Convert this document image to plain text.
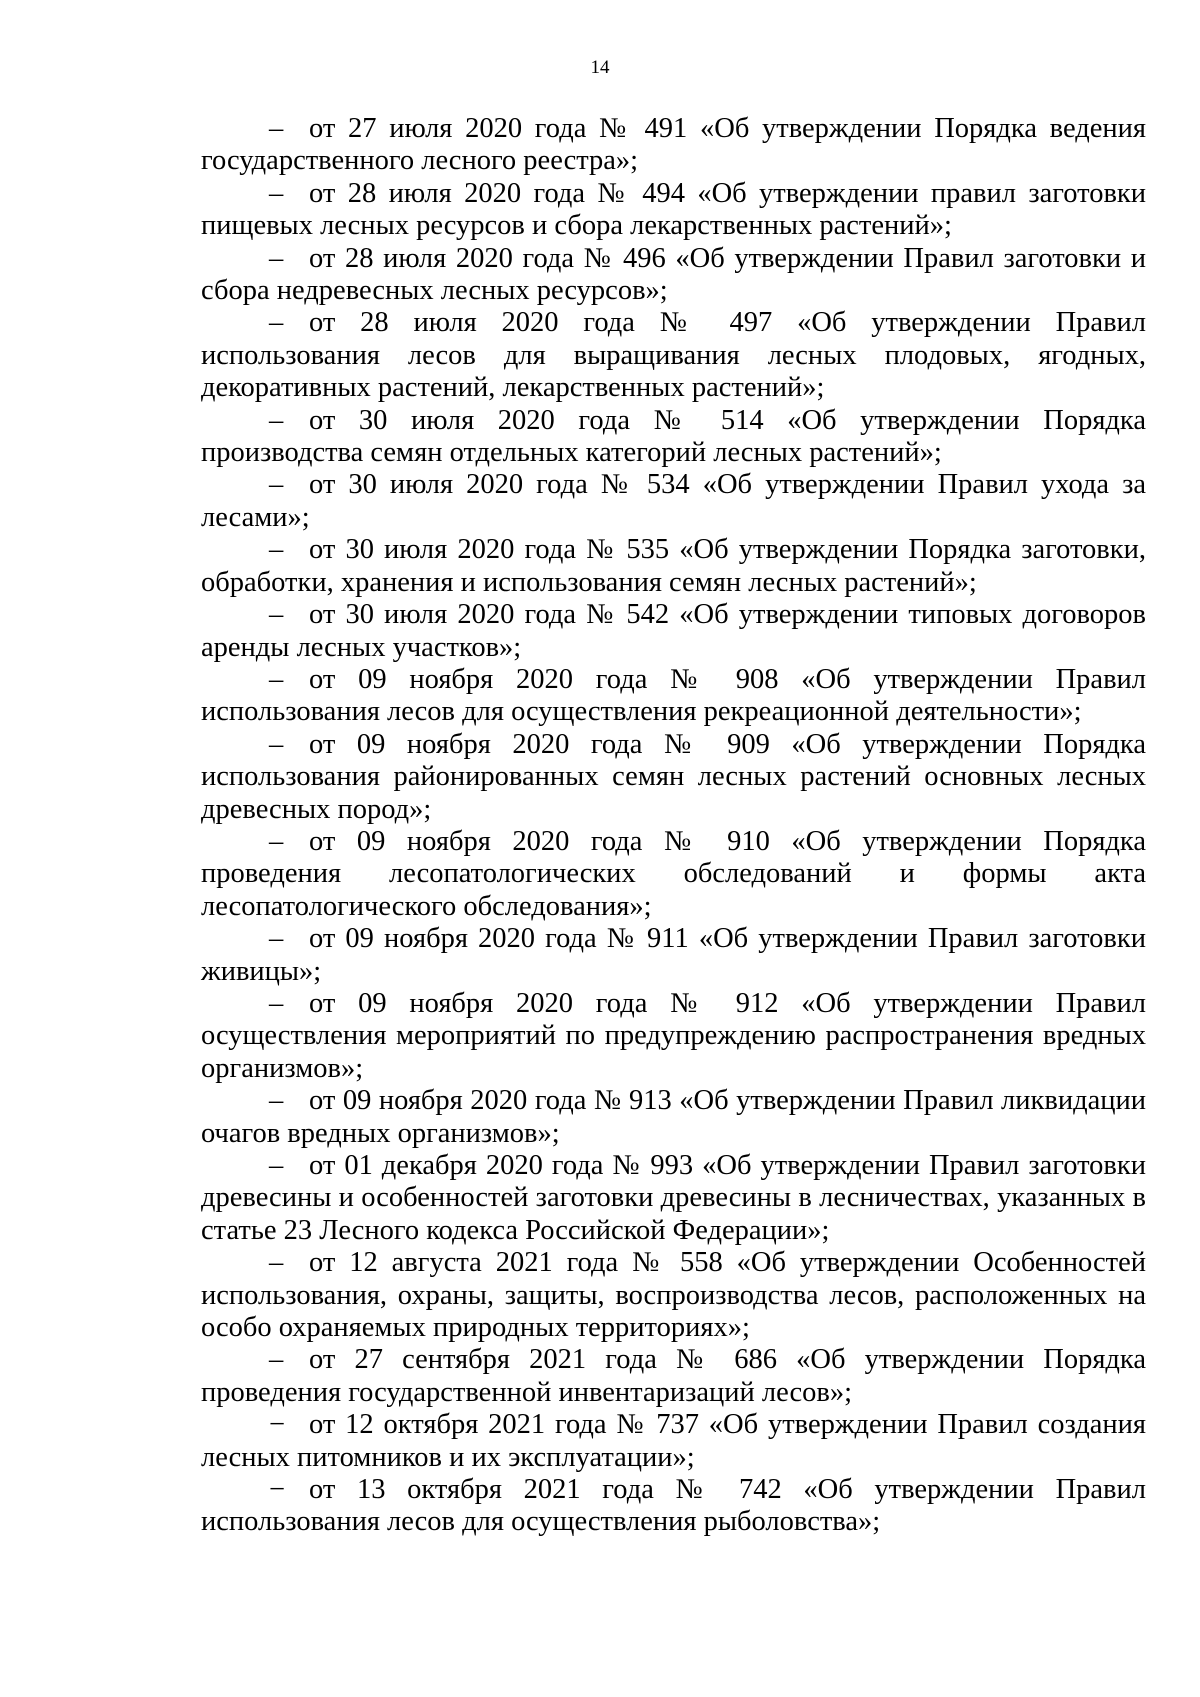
14

– от 27 июля 2020 года № 491 «Об утверждении Порядка ведения государственного лесного реестра»;

– от 28 июля 2020 года № 494 «Об утверждении правил заготовки пищевых лесных ресурсов и сбора лекарственных растений»;

– от 28 июля 2020 года № 496 «Об утверждении Правил заготовки и сбора недревесных лесных ресурсов»;

– от 28 июля 2020 года № 497 «Об утверждении Правил использования лесов для выращивания лесных плодовых, ягодных, декоративных растений, лекарственных растений»;

– от 30 июля 2020 года № 514 «Об утверждении Порядка производства семян отдельных категорий лесных растений»;

– от 30 июля 2020 года № 534 «Об утверждении Правил ухода за лесами»;

– от 30 июля 2020 года № 535 «Об утверждении Порядка заготовки, обработки, хранения и использования семян лесных растений»;

– от 30 июля 2020 года № 542 «Об утверждении типовых договоров аренды лесных участков»;

– от 09 ноября 2020 года № 908 «Об утверждении Правил использования лесов для осуществления рекреационной деятельности»;

– от 09 ноября 2020 года № 909 «Об утверждении Порядка использования районированных семян лесных растений основных лесных древесных пород»;

– от 09 ноября 2020 года № 910 «Об утверждении Порядка проведения лесопатологических обследований и формы акта лесопатологического обследования»;

– от 09 ноября 2020 года № 911 «Об утверждении Правил заготовки живицы»;

– от 09 ноября 2020 года № 912 «Об утверждении Правил осуществления мероприятий по предупреждению распространения вредных организмов»;

– от 09 ноября 2020 года № 913 «Об утверждении Правил ликвидации очагов вредных организмов»;

– от 01 декабря 2020 года № 993 «Об утверждении Правил заготовки древесины и особенностей заготовки древесины в лесничествах, указанных в статье 23 Лесного кодекса Российской Федерации»;

– от 12 августа 2021 года № 558 «Об утверждении Особенностей использования, охраны, защиты, воспроизводства лесов, расположенных на особо охраняемых природных территориях»;

– от 27 сентября 2021 года № 686 «Об утверждении Порядка проведения государственной инвентаризаций лесов»;

− от 12 октября 2021 года № 737 «Об утверждении Правил создания лесных питомников и их эксплуатации»;

− от 13 октября 2021 года № 742 «Об утверждении Правил использования лесов для осуществления рыболовства»;
